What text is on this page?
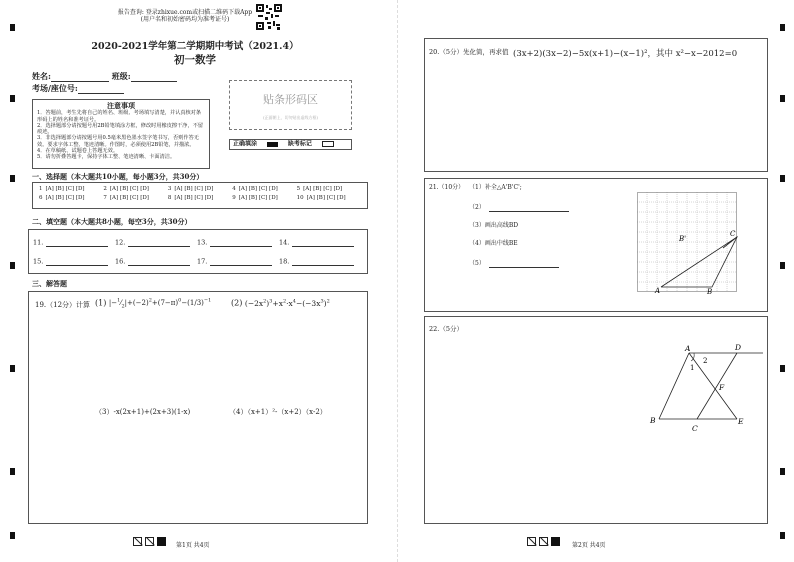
报告查询: 登录zhixue.com或扫描二维码下载App
(用户名和初始密码均为准考证号)
2020-2021学年第二学期期中考试（2021.4）
初一数学
姓名:	班级:
考场/座位号:
注意事项
1．答题前，考生先将自己的姓名、班级、考场填写清楚，并认真核对条形码上的姓名和准考证号。
2．选择题部分请按题号用2B铅笔填涂方框，修改时用橡皮擦干净，不留痕迹。
3．非选择题部分请按题号用0.5毫米黑色墨水签字笔书写，否则作答无效。要求字体工整、笔迹清晰。作图时，必须使用2B铅笔，并描浓。
4．在草稿纸、试题卷上答题无效。
5．请勿折叠答题卡，保持字体工整、笔迹清晰、卡面清洁。
贴条形码区
(正面朝上，切勿贴出虚线方框)
正确填涂	缺考标记
一、选择题（本大题共10小题，每小题3分，共30分）
1 [A] [B] [C] [D]	2 [A] [B] [C] [D]	3 [A] [B] [C] [D]	4 [A] [B] [C] [D]	5 [A] [B] [C] [D]
6 [A] [B] [C] [D]	7 [A] [B] [C] [D]	8 [A] [B] [C] [D]	9 [A] [B] [C] [D]	10 [A] [B] [C] [D]
二、填空题（本大题共8小题，每空3分，共30分）
11.	12.	13.	14.
15.	16.	17.	18.
三、解答题
19.（12分）计算 (1) $|-^1⁄_2|+(-2)^2+(7-\pi)^0-(1/3)^{-1}$ (2) $(-2x^2)^3+x^2\cdot x^4-(-3x^3)^2$
（3）-x(2x+1)+(2x+3)(1-x)	（4）（x+1）²-（x+2）（x-2）
第1页 共4页
20.（5分）先化简，再求值 (3x+2)(3x−2)−5x(x+1)−(x−1)²，其中 x²−x−2012=0
21.（10分） （1）补全△A'B'C';
（2）
（3）画出高线BD
（4）画出中线BE
（5）
A	B
C
B'
22.（5分）
A	D
2
1
F
B
C
E
第2页 共4页
